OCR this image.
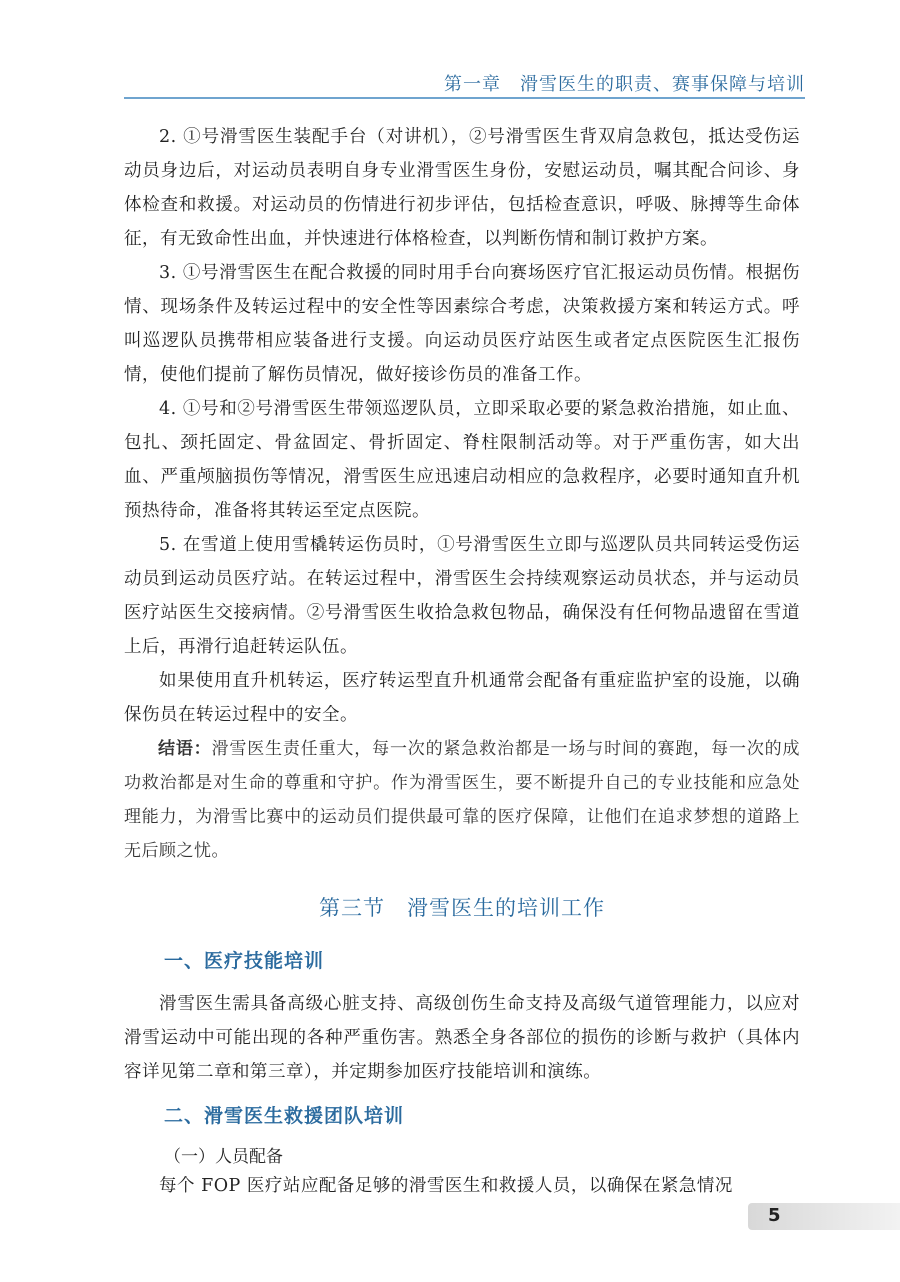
第一章　滑雪医生的职责、赛事保障与培训

2. ①号滑雪医生装配手台（对讲机），②号滑雪医生背双肩急救包，抵达受伤运动员身边后，对运动员表明自身专业滑雪医生身份，安慰运动员，嘱其配合问诊、身体检查和救援。对运动员的伤情进行初步评估，包括检查意识，呼吸、脉搏等生命体征，有无致命性出血，并快速进行体格检查，以判断伤情和制订救护方案。

3. ①号滑雪医生在配合救援的同时用手台向赛场医疗官汇报运动员伤情。根据伤情、现场条件及转运过程中的安全性等因素综合考虑，决策救援方案和转运方式。呼叫巡逻队员携带相应装备进行支援。向运动员医疗站医生或者定点医院医生汇报伤情，使他们提前了解伤员情况，做好接诊伤员的准备工作。

4. ①号和②号滑雪医生带领巡逻队员，立即采取必要的紧急救治措施，如止血、包扎、颈托固定、骨盆固定、骨折固定、脊柱限制活动等。对于严重伤害，如大出血、严重颅脑损伤等情况，滑雪医生应迅速启动相应的急救程序，必要时通知直升机预热待命，准备将其转运至定点医院。

5. 在雪道上使用雪橇转运伤员时，①号滑雪医生立即与巡逻队员共同转运受伤运动员到运动员医疗站。在转运过程中，滑雪医生会持续观察运动员状态，并与运动员医疗站医生交接病情。②号滑雪医生收拾急救包物品，确保没有任何物品遗留在雪道上后，再滑行追赶转运队伍。

如果使用直升机转运，医疗转运型直升机通常会配备有重症监护室的设施，以确保伤员在转运过程中的安全。

结语：滑雪医生责任重大，每一次的紧急救治都是一场与时间的赛跑，每一次的成功救治都是对生命的尊重和守护。作为滑雪医生，要不断提升自己的专业技能和应急处理能力，为滑雪比赛中的运动员们提供最可靠的医疗保障，让他们在追求梦想的道路上无后顾之忧。

第三节　滑雪医生的培训工作
一、医疗技能培训

滑雪医生需具备高级心脏支持、高级创伤生命支持及高级气道管理能力，以应对滑雪运动中可能出现的各种严重伤害。熟悉全身各部位的损伤的诊断与救护（具体内容详见第二章和第三章），并定期参加医疗技能培训和演练。

二、滑雪医生救援团队培训
（一）人员配备

每个 FOP 医疗站应配备足够的滑雪医生和救援人员，以确保在紧急情况

5
